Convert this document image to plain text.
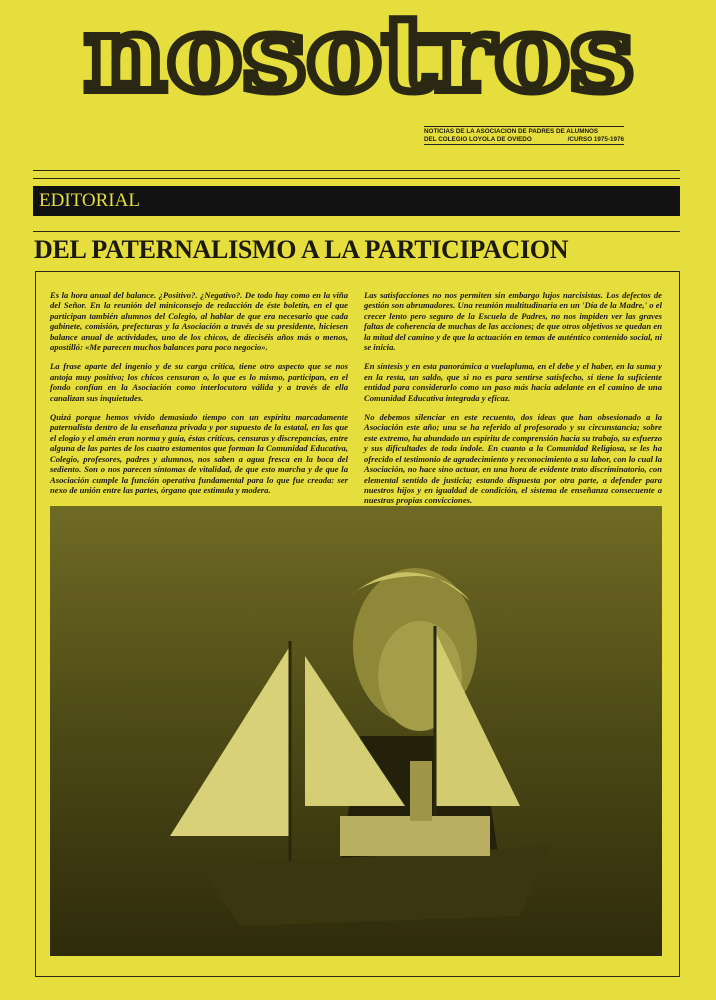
nosotros
NOTICIAS DE LA ASOCIACION DE PADRES DE ALUMNOS
DEL COLEGIO LOYOLA DE OVIEDO	/CURSO 1975-1976
EDITORIAL
DEL PATERNALISMO A LA PARTICIPACION

Es la hora anual del balance. ¿Positivo?. ¿Negativo?. De todo hay como en la viña del Señor. En la reunión del miniconsejo de redacción de éste boletín, en el que participan también alumnos del Colegio, al hablar de que era necesario que cada gabinete, comisión, prefecturas y la Asociación a través de su presidente, hiciesen balance anual de actividades, uno de los chicos, de dieciséis años más o menos, apostilló: «Me parecen muchos balances para poco negocio».

La frase aparte del ingenio y de su carga crítica, tiene otro aspecto que se nos antoja muy positivo; los chicos censuran o, lo que es lo mismo, participan, en el fondo confían en la Asociación como interlocutora válida y a través de ella canalizan sus inquietudes.

Quizá porque hemos vivido demasiado tiempo con un espíritu marcadamente paternalista dentro de la enseñanza privada y por supuesto de la estatal, en las que el elogio y el amén eran norma y guía, éstas críticas, censuras y discrepancias, entre alguna de las partes de los cuatro estamentos que forman la Comunidad Educativa, Colegio, profesores, padres y alumnos, nos saben a agua fresca en la boca del sediento. Son o nos parecen síntomas de vitalidad, de que esto marcha y de que la Asociación cumple la función operativa fundamental para lo que fue creada: ser nexo de unión entre las partes, órgano que estimula y modera.

Las satisfacciones no nos permiten sin embargo lujos narcisistas. Los defectos de gestión son abrumadores. Una reunión multitudinaria en un 'Día de la Madre,' o el crecer lento pero seguro de la Escuela de Padres, no nos impiden ver las graves faltas de coherencia de muchas de las acciones; de que otros objetivos se quedan en la mitad del camino y de que la actuación en temas de auténtico contenido social, ni se inicia.

En síntesis y en esta panorámica a vuelapluma, en el debe y el haber, en la suma y en la resta, un saldo, que si no es para sentirse satisfecho, sí tiene la suficiente entidad para considerarlo como un paso más hacia adelante en el camino de una Comunidad Educativa integrada y eficaz.

No debemos silenciar en este recuento, dos ideas que han obsesionado a la Asociación este año; una se ha referido al profesorado y su circunstancia; sobre este extremo, ha abundado un espíritu de comprensión hacia su trabajo, su esfuerzo y sus dificultades de toda índole. En cuanto a la Comunidad Religiosa, se les ha ofrecido el testimonio de agradecimiento y reconocimiento a su labor, con lo cual la Asociación, no hace sino actuar, en una hora de evidente trato discriminatorio, con elemental sentido de justicia; estando dispuesta por otra parte, a defender para nuestros hijos y en igualdad de condición, el sistema de enseñanza consecuente a nuestras propias convicciones.
